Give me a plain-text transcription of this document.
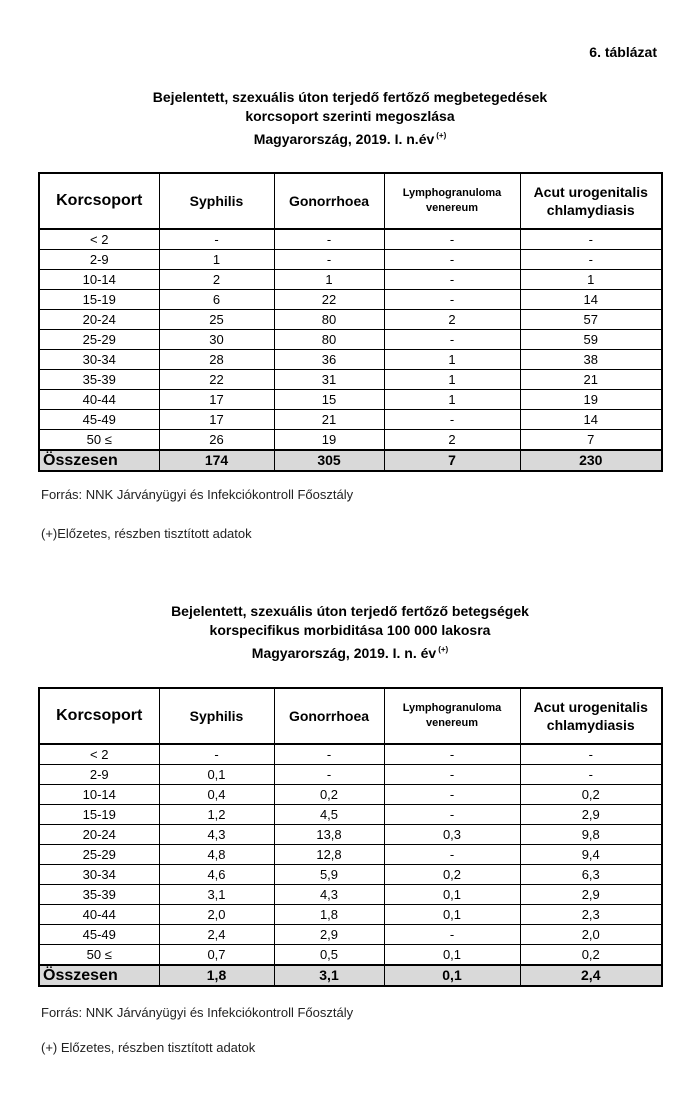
6. táblázat
Bejelentett, szexuális úton terjedő fertőző megbetegedések
korcsoport szerinti megoszlása
Magyarország, 2019. I. n.év (+)
Korcsoport	Syphilis	Gonorrhoea	Lymphogranuloma venereum	Acut urogenitalis chlamydiasis
< 2	-	-	-	-
2-9	1	-	-	-
10-14	2	1	-	1
15-19	6	22	-	14
20-24	25	80	2	57
25-29	30	80	-	59
30-34	28	36	1	38
35-39	22	31	1	21
40-44	17	15	1	19
45-49	17	21	-	14
50 ≤	26	19	2	7
Összesen	174	305	7	230
Forrás: NNK Járványügyi és Infekciókontroll Főosztály
(+)Előzetes, részben tisztított adatok
Bejelentett, szexuális úton terjedő fertőző betegségek
korspecifikus morbiditása 100 000 lakosra
Magyarország, 2019. I. n. év (+)
Korcsoport	Syphilis	Gonorrhoea	Lymphogranuloma venereum	Acut urogenitalis chlamydiasis
< 2	-	-	-	-
2-9	0,1	-	-	-
10-14	0,4	0,2	-	0,2
15-19	1,2	4,5	-	2,9
20-24	4,3	13,8	0,3	9,8
25-29	4,8	12,8	-	9,4
30-34	4,6	5,9	0,2	6,3
35-39	3,1	4,3	0,1	2,9
40-44	2,0	1,8	0,1	2,3
45-49	2,4	2,9	-	2,0
50 ≤	0,7	0,5	0,1	0,2
Összesen	1,8	3,1	0,1	2,4
Forrás: NNK Járványügyi és Infekciókontroll Főosztály
(+) Előzetes, részben tisztított adatok
